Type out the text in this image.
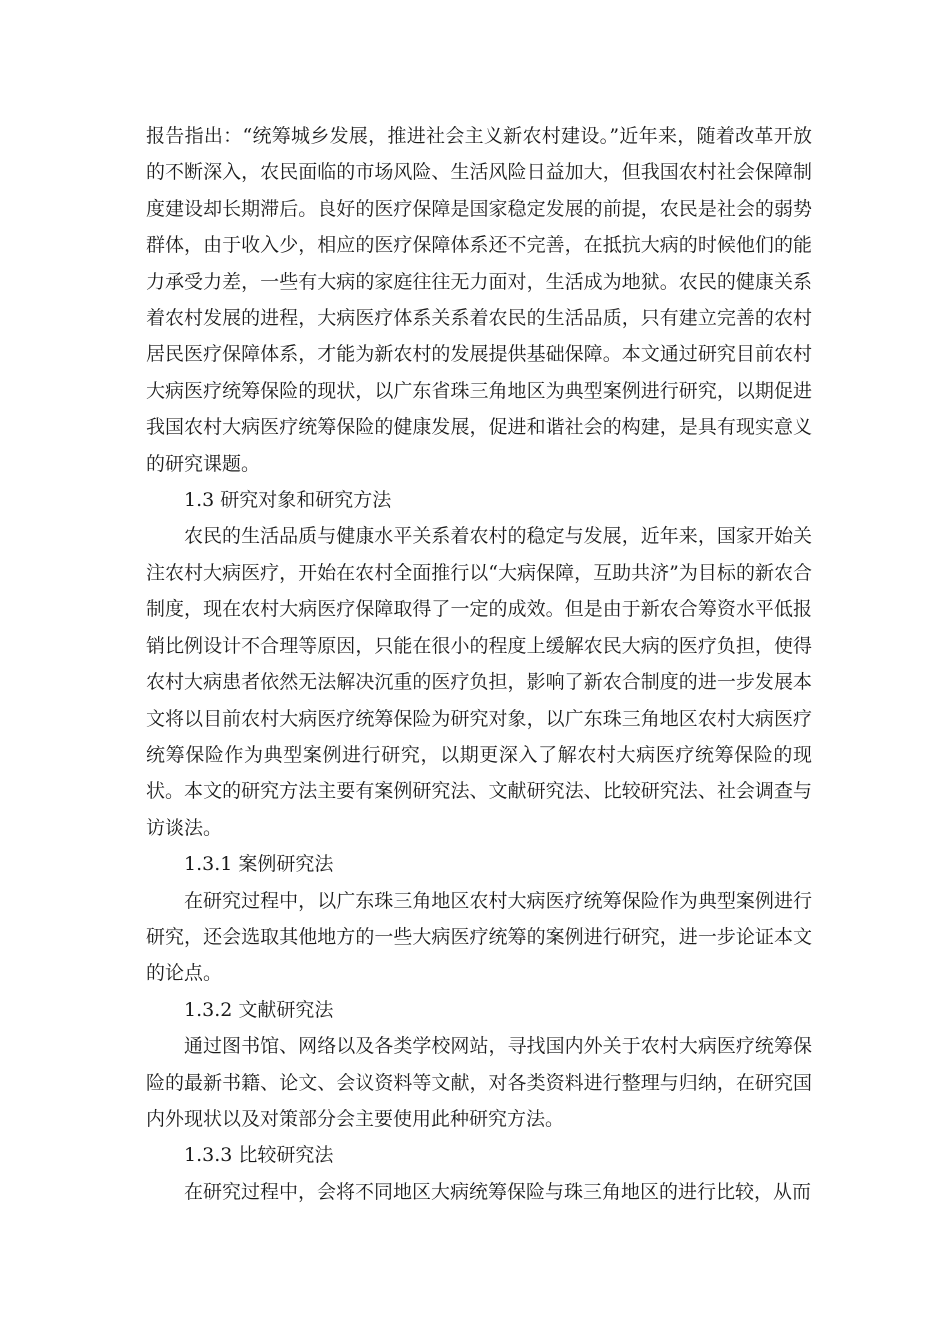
报告指出：“统筹城乡发展，推进社会主义新农村建设。”近年来，随着改革开放的不断深入，农民面临的市场风险、生活风险日益加大，但我国农村社会保障制度建设却长期滞后。良好的医疗保障是国家稳定发展的前提，农民是社会的弱势群体，由于收入少，相应的医疗保障体系还不完善，在抵抗大病的时候他们的能力承受力差，一些有大病的家庭往往无力面对，生活成为地狱。农民的健康关系着农村发展的进程，大病医疗体系关系着农民的生活品质，只有建立完善的农村居民医疗保障体系，才能为新农村的发展提供基础保障。本文通过研究目前农村大病医疗统筹保险的现状，以广东省珠三角地区为典型案例进行研究，以期促进我国农村大病医疗统筹保险的健康发展，促进和谐社会的构建，是具有现实意义的研究课题。

1.3 研究对象和研究方法

农民的生活品质与健康水平关系着农村的稳定与发展，近年来，国家开始关注农村大病医疗，开始在农村全面推行以“大病保障，互助共济”为目标的新农合制度，现在农村大病医疗保障取得了一定的成效。但是由于新农合筹资水平低报销比例设计不合理等原因，只能在很小的程度上缓解农民大病的医疗负担，使得农村大病患者依然无法解决沉重的医疗负担，影响了新农合制度的进一步发展本文将以目前农村大病医疗统筹保险为研究对象，以广东珠三角地区农村大病医疗统筹保险作为典型案例进行研究，以期更深入了解农村大病医疗统筹保险的现状。本文的研究方法主要有案例研究法、文献研究法、比较研究法、社会调查与访谈法。

1.3.1 案例研究法

在研究过程中，以广东珠三角地区农村大病医疗统筹保险作为典型案例进行研究，还会选取其他地方的一些大病医疗统筹的案例进行研究，进一步论证本文的论点。

1.3.2 文献研究法

通过图书馆、网络以及各类学校网站，寻找国内外关于农村大病医疗统筹保险的最新书籍、论文、会议资料等文献，对各类资料进行整理与归纳，在研究国内外现状以及对策部分会主要使用此种研究方法。

1.3.3 比较研究法

在研究过程中，会将不同地区大病统筹保险与珠三角地区的进行比较，从而
